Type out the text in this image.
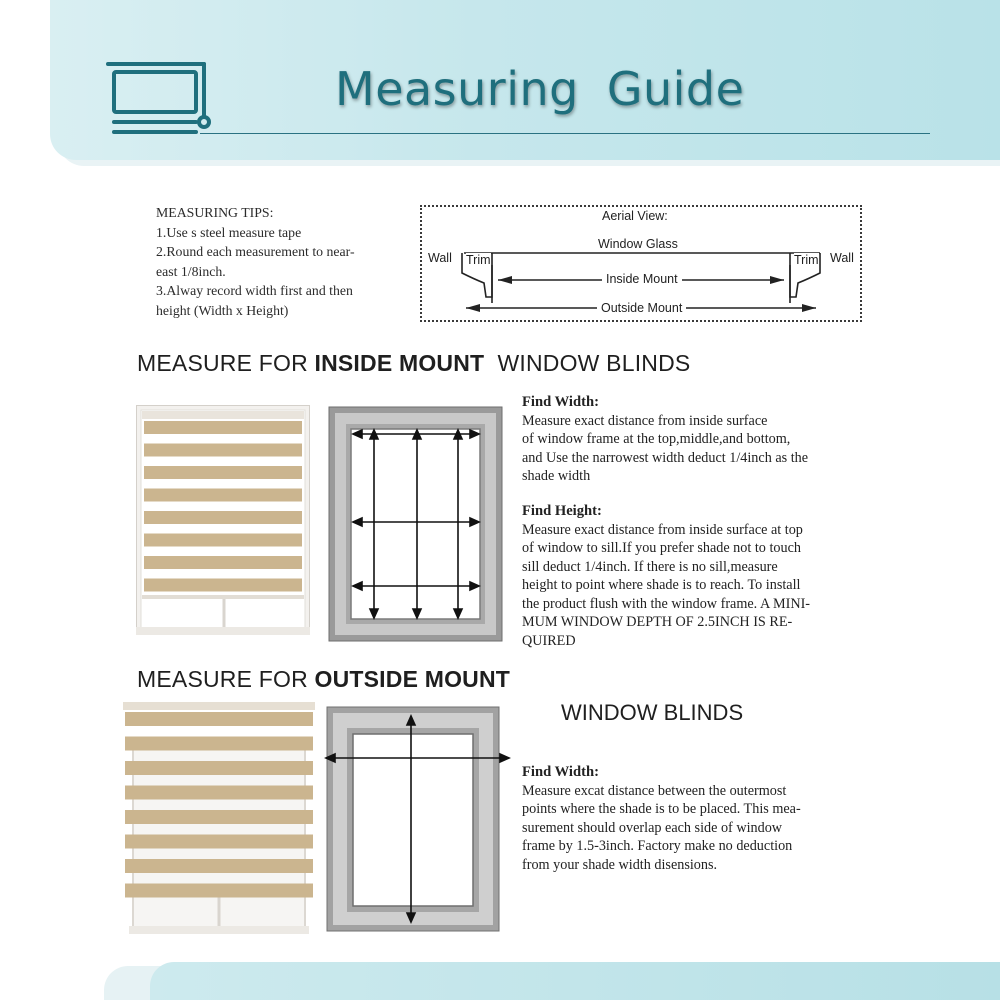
Measuring Guide

MEASURING TIPS:

1.Use s steel measure tape

2.Round each measurement to near-

east 1/8inch.

3.Alway record width first and then

height (Width x Height)

Aerial View:
Window Glass
Wall Trim	Trim Wall
Inside Mount
Outside Mount
MEASURE FOR INSIDE MOUNT  WINDOW BLINDS

Find Width:

Measure exact distance from inside surface

of window frame at the top,middle,and bottom,

and Use the narrowest width deduct 1/4inch as the

shade width

Find Height:

Measure exact distance from inside surface at top

of window to sill.If you prefer shade not to touch

sill deduct 1/4inch. If there is no sill,measure

height to point where shade is to reach. To install

the product flush with the window frame. A MINI-

MUM WINDOW DEPTH OF 2.5INCH IS RE-

QUIRED

MEASURE FOR OUTSIDE MOUNT
WINDOW BLINDS

Find Width:

Measure excat distance between the outermost

points where the shade is to be placed. This mea-

surement should overlap each side of window

frame by 1.5-3inch. Factory make no deduction

from your shade width disensions.
